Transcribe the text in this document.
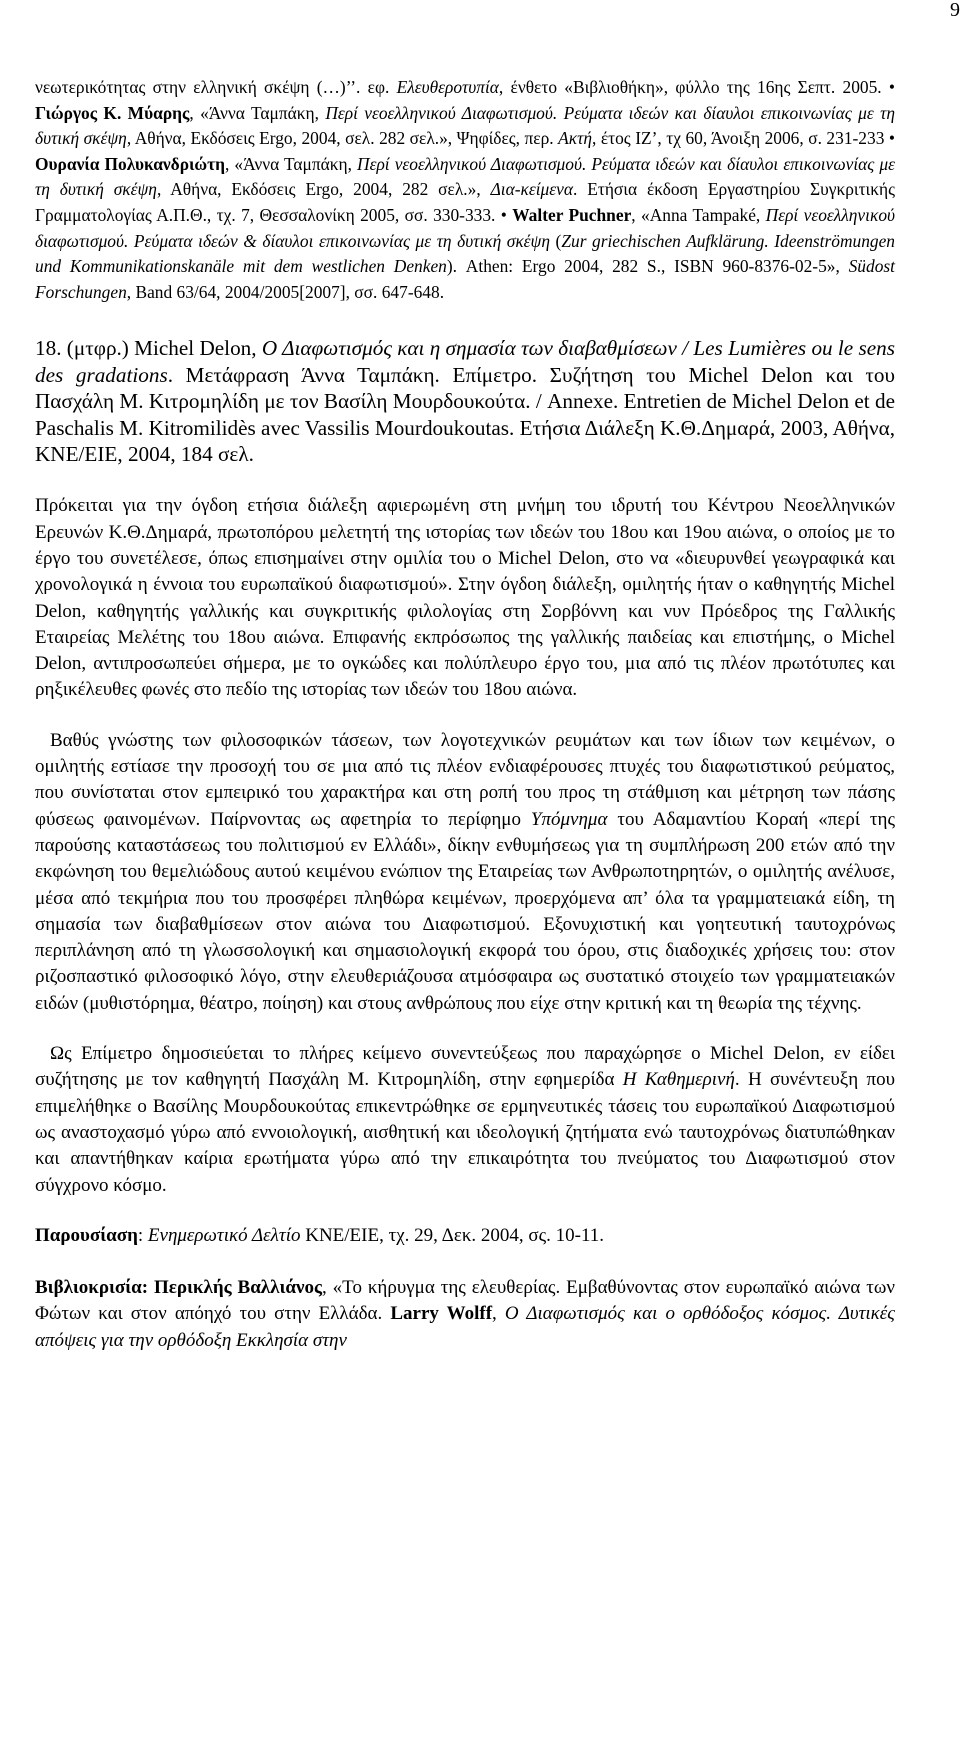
9

νεωτερικότητας στην ελληνική σκέψη (…)’’. εφ. Ελευθεροτυπία, ένθετο «Βιβλιοθήκη», φύλλο της 16ης Σεπτ. 2005. • Γιώργος Κ. Μύαρης, «Άννα Ταμπάκη, Περί νεοελληνικού Διαφωτισμού. Ρεύματα ιδεών και δίαυλοι επικοινωνίας με τη δυτική σκέψη, Αθήνα, Εκδόσεις Ergo, 2004, σελ. 282 σελ.», Ψηφίδες, περ. Ακτή, έτος ΙΖ’, τχ 60, Άνοιξη 2006, σ. 231-233 • Ουρανία Πολυκανδριώτη, «Άννα Ταμπάκη, Περί νεοελληνικού Διαφωτισμού. Ρεύματα ιδεών και δίαυλοι επικοινωνίας με τη δυτική σκέψη, Αθήνα, Εκδόσεις Ergo, 2004, 282 σελ.», Δια-κείμενα. Ετήσια έκδοση Εργαστηρίου Συγκριτικής Γραμματολογίας Α.Π.Θ., τχ. 7, Θεσσαλονίκη 2005, σσ. 330-333. • Walter Puchner, «Anna Tampaké, Περί νεοελληνικού διαφωτισμού. Ρεύματα ιδεών & δίαυλοι επικοινωνίας με τη δυτική σκέψη (Zur griechischen Aufklärung. Ideenströmungen und Kommunikationskanäle mit dem westlichen Denken). Athen: Ergo 2004, 282 S., ISBN 960-8376-02-5», Südost Forschungen, Band 63/64, 2004/2005[2007], σσ. 647-648.

18. (μτφρ.) Michel Delon, Ο Διαφωτισμός και η σημασία των διαβαθμίσεων / Les Lumières ou le sens des gradations. Μετάφραση Άννα Ταμπάκη. Επίμετρο. Συζήτηση του Michel Delon και του Πασχάλη Μ. Κιτρομηλίδη με τον Βασίλη Μουρδουκούτα. / Annexe. Entretien de Michel Delon et de Paschalis M. Kitromilidès avec Vassilis Mourdoukoutas. Ετήσια Διάλεξη Κ.Θ.Δημαρά, 2003, Αθήνα, ΚΝΕ/ΕΙΕ, 2004, 184 σελ.

Πρόκειται για την όγδοη ετήσια διάλεξη αφιερωμένη στη μνήμη του ιδρυτή του Κέντρου Νεοελληνικών Ερευνών Κ.Θ.Δημαρά, πρωτοπόρου μελετητή της ιστορίας των ιδεών του 18ου και 19ου αιώνα, ο οποίος με το έργο του συνετέλεσε, όπως επισημαίνει στην ομιλία του ο Michel Delon, στο να «διευρυνθεί γεωγραφικά και χρονολογικά η έννοια του ευρωπαϊκού διαφωτισμού». Στην όγδοη διάλεξη, ομιλητής ήταν ο καθηγητής Michel Delon, καθηγητής γαλλικής και συγκριτικής φιλολογίας στη Σορβόννη και νυν Πρόεδρος της Γαλλικής Εταιρείας Μελέτης του 18ου αιώνα. Επιφανής εκπρόσωπος της γαλλικής παιδείας και επιστήμης, ο Michel Delon, αντιπροσωπεύει σήμερα, με το ογκώδες και πολύπλευρο έργο του, μια από τις πλέον πρωτότυπες και ρηξικέλευθες φωνές στο πεδίο της ιστορίας των ιδεών του 18ου αιώνα.

Βαθύς γνώστης των φιλοσοφικών τάσεων, των λογοτεχνικών ρευμάτων και των ίδιων των κειμένων, ο ομιλητής εστίασε την προσοχή του σε μια από τις πλέον ενδιαφέρουσες πτυχές του διαφωτιστικού ρεύματος, που συνίσταται στον εμπειρικό του χαρακτήρα και στη ροπή του προς τη στάθμιση και μέτρηση των πάσης φύσεως φαινομένων. Παίρνοντας ως αφετηρία το περίφημο Υπόμνημα του Αδαμαντίου Κοραή «περί της παρούσης καταστάσεως του πολιτισμού εν Ελλάδι», δίκην ενθυμήσεως για τη συμπλήρωση 200 ετών από την εκφώνηση του θεμελιώδους αυτού κειμένου ενώπιον της Εταιρείας των Ανθρωποτηρητών, ο ομιλητής ανέλυσε, μέσα από τεκμήρια που του προσφέρει πληθώρα κειμένων, προερχόμενα απ’ όλα τα γραμματειακά είδη, τη σημασία των διαβαθμίσεων στον αιώνα του Διαφωτισμού. Εξονυχιστική και γοητευτική ταυτοχρόνως περιπλάνηση από τη γλωσσολογική και σημασιολογική εκφορά του όρου, στις διαδοχικές χρήσεις του: στον ριζοσπαστικό φιλοσοφικό λόγο, στην ελευθεριάζουσα ατμόσφαιρα ως συστατικό στοιχείο των γραμματειακών ειδών (μυθιστόρημα, θέατρο, ποίηση) και στους ανθρώπους που είχε στην κριτική και τη θεωρία της τέχνης.

Ως Επίμετρο δημοσιεύεται το πλήρες κείμενο συνεντεύξεως που παραχώρησε ο Michel Delon, εν είδει συζήτησης με τον καθηγητή Πασχάλη Μ. Κιτρομηλίδη, στην εφημερίδα Η Καθημερινή. Η συνέντευξη που επιμελήθηκε ο Βασίλης Μουρδουκούτας επικεντρώθηκε σε ερμηνευτικές τάσεις του ευρωπαϊκού Διαφωτισμού ως αναστοχασμό γύρω από εννοιολογική, αισθητική και ιδεολογική ζητήματα ενώ ταυτοχρόνως διατυπώθηκαν και απαντήθηκαν καίρια ερωτήματα γύρω από την επικαιρότητα του πνεύματος του Διαφωτισμού στον σύγχρονο κόσμο.

Παρουσίαση: Ενημερωτικό Δελτίο ΚΝΕ/ΕΙΕ, τχ. 29, Δεκ. 2004, σς. 10-11.

Βιβλιοκρισία: Περικλής Βαλλιάνος, «Το κήρυγμα της ελευθερίας. Εμβαθύνοντας στον ευρωπαϊκό αιώνα των Φώτων και στον απόηχό του στην Ελλάδα. Larry Wolff, Ο Διαφωτισμός και ο ορθόδοξος κόσμος. Δυτικές απόψεις για την ορθόδοξη Εκκλησία στην
